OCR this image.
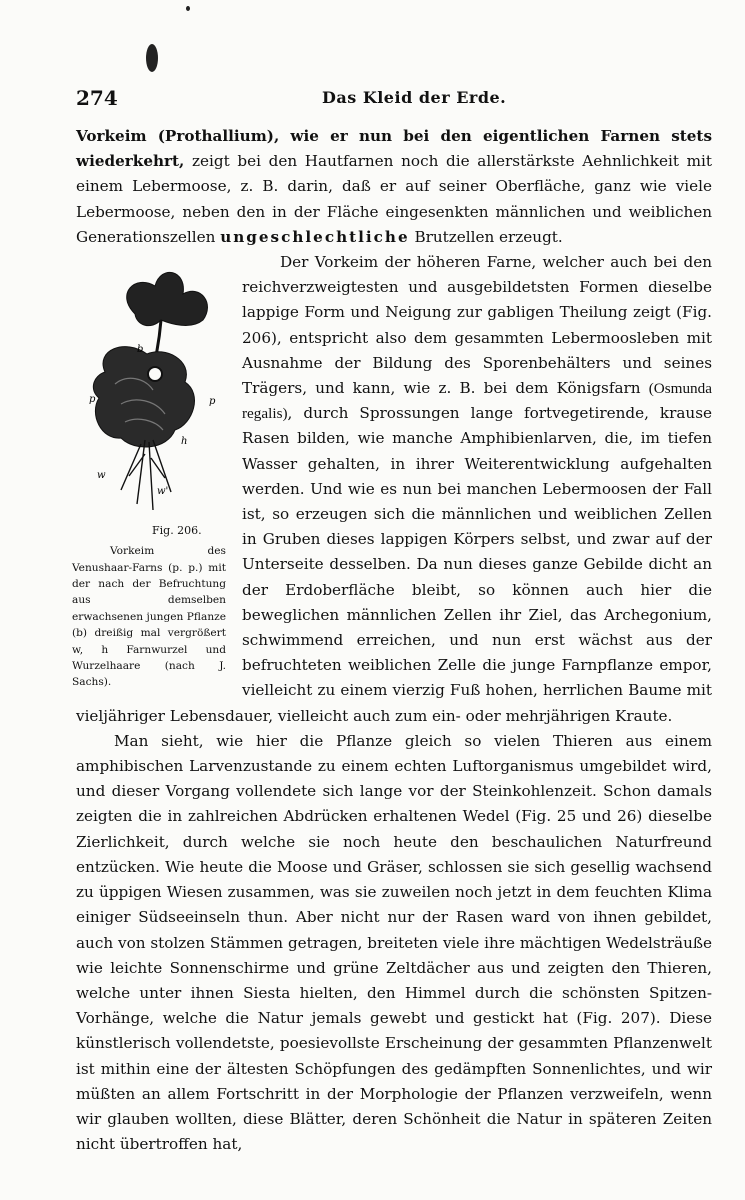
274	Das Kleid der Erde.

Vorkeim (Prothallium), wie er nun bei den eigentlichen Farnen stets wiederkehrt, zeigt bei den Hautfarnen noch die allerstärkste Aehnlichkeit mit einem Lebermoose, z. B. darin, daß er auf seiner Oberfläche, ganz wie viele Lebermoose, neben den in der Fläche eingesenkten männlichen und weiblichen Generationszellen ungeschlechtliche Brutzellen erzeugt.

b
p	p
h
w
w'
Fig. 206.
Vorkeim des Venushaar-Farns (p. p.) mit der nach der Befruchtung aus demselben erwachsenen jungen Pflanze (b) dreißig mal vergrößert w, h Farnwurzel und Wurzelhaare (nach J. Sachs).
Der Vorkeim der höheren Farne, welcher auch bei den reichverzweigtesten und ausgebildetsten Formen dieselbe lappige Form und Neigung zur gabligen Theilung zeigt (Fig. 206), entspricht also dem gesammten Lebermoosleben mit Ausnahme der Bildung des Sporenbehälters und seines Trägers, und kann, wie z. B. bei dem Königsfarn (Osmunda regalis), durch Sprossungen lange fortvegetirende, krause Rasen bilden, wie manche Amphibienlarven, die, im tiefen Wasser gehalten, in ihrer Weiterentwicklung aufgehalten werden. Und wie es nun bei manchen Lebermoosen der Fall ist, so erzeugen sich die männlichen und weiblichen Zellen in Gruben dieses lappigen Körpers selbst, und zwar auf der Unterseite desselben. Da nun dieses ganze Gebilde dicht an der Erdoberfläche bleibt, so können auch hier die beweglichen männlichen Zellen ihr Ziel, das Archegonium, schwimmend erreichen, und nun erst wächst aus der befruchteten weiblichen Zelle die junge Farnpflanze empor, vielleicht zu einem vierzig Fuß hohen, herrlichen Baume mit vieljähriger Lebensdauer, vielleicht auch zum ein- oder mehrjährigen Kraute.

Man sieht, wie hier die Pflanze gleich so vielen Thieren aus einem amphibischen Larvenzustande zu einem echten Luftorganismus umgebildet wird, und dieser Vorgang vollendete sich lange vor der Steinkohlenzeit. Schon damals zeigten die in zahlreichen Abdrücken erhaltenen Wedel (Fig. 25 und 26) dieselbe Zierlichkeit, durch welche sie noch heute den beschaulichen Naturfreund entzücken. Wie heute die Moose und Gräser, schlossen sie sich gesellig wachsend zu üppigen Wiesen zusammen, was sie zuweilen noch jetzt in dem feuchten Klima einiger Südseeinseln thun. Aber nicht nur der Rasen ward von ihnen gebildet, auch von stolzen Stämmen getragen, breiteten viele ihre mächtigen Wedelsträuße wie leichte Sonnenschirme und grüne Zeltdächer aus und zeigten den Thieren, welche unter ihnen Siesta hielten, den Himmel durch die schönsten Spitzen-Vorhänge, welche die Natur jemals gewebt und gestickt hat (Fig. 207). Diese künstlerisch vollendetste, poesievollste Erscheinung der gesammten Pflanzenwelt ist mithin eine der ältesten Schöpfungen des gedämpften Sonnenlichtes, und wir müßten an allem Fortschritt in der Morphologie der Pflanzen verzweifeln, wenn wir glauben wollten, diese Blätter, deren Schönheit die Natur in späteren Zeiten nicht übertroffen hat,
